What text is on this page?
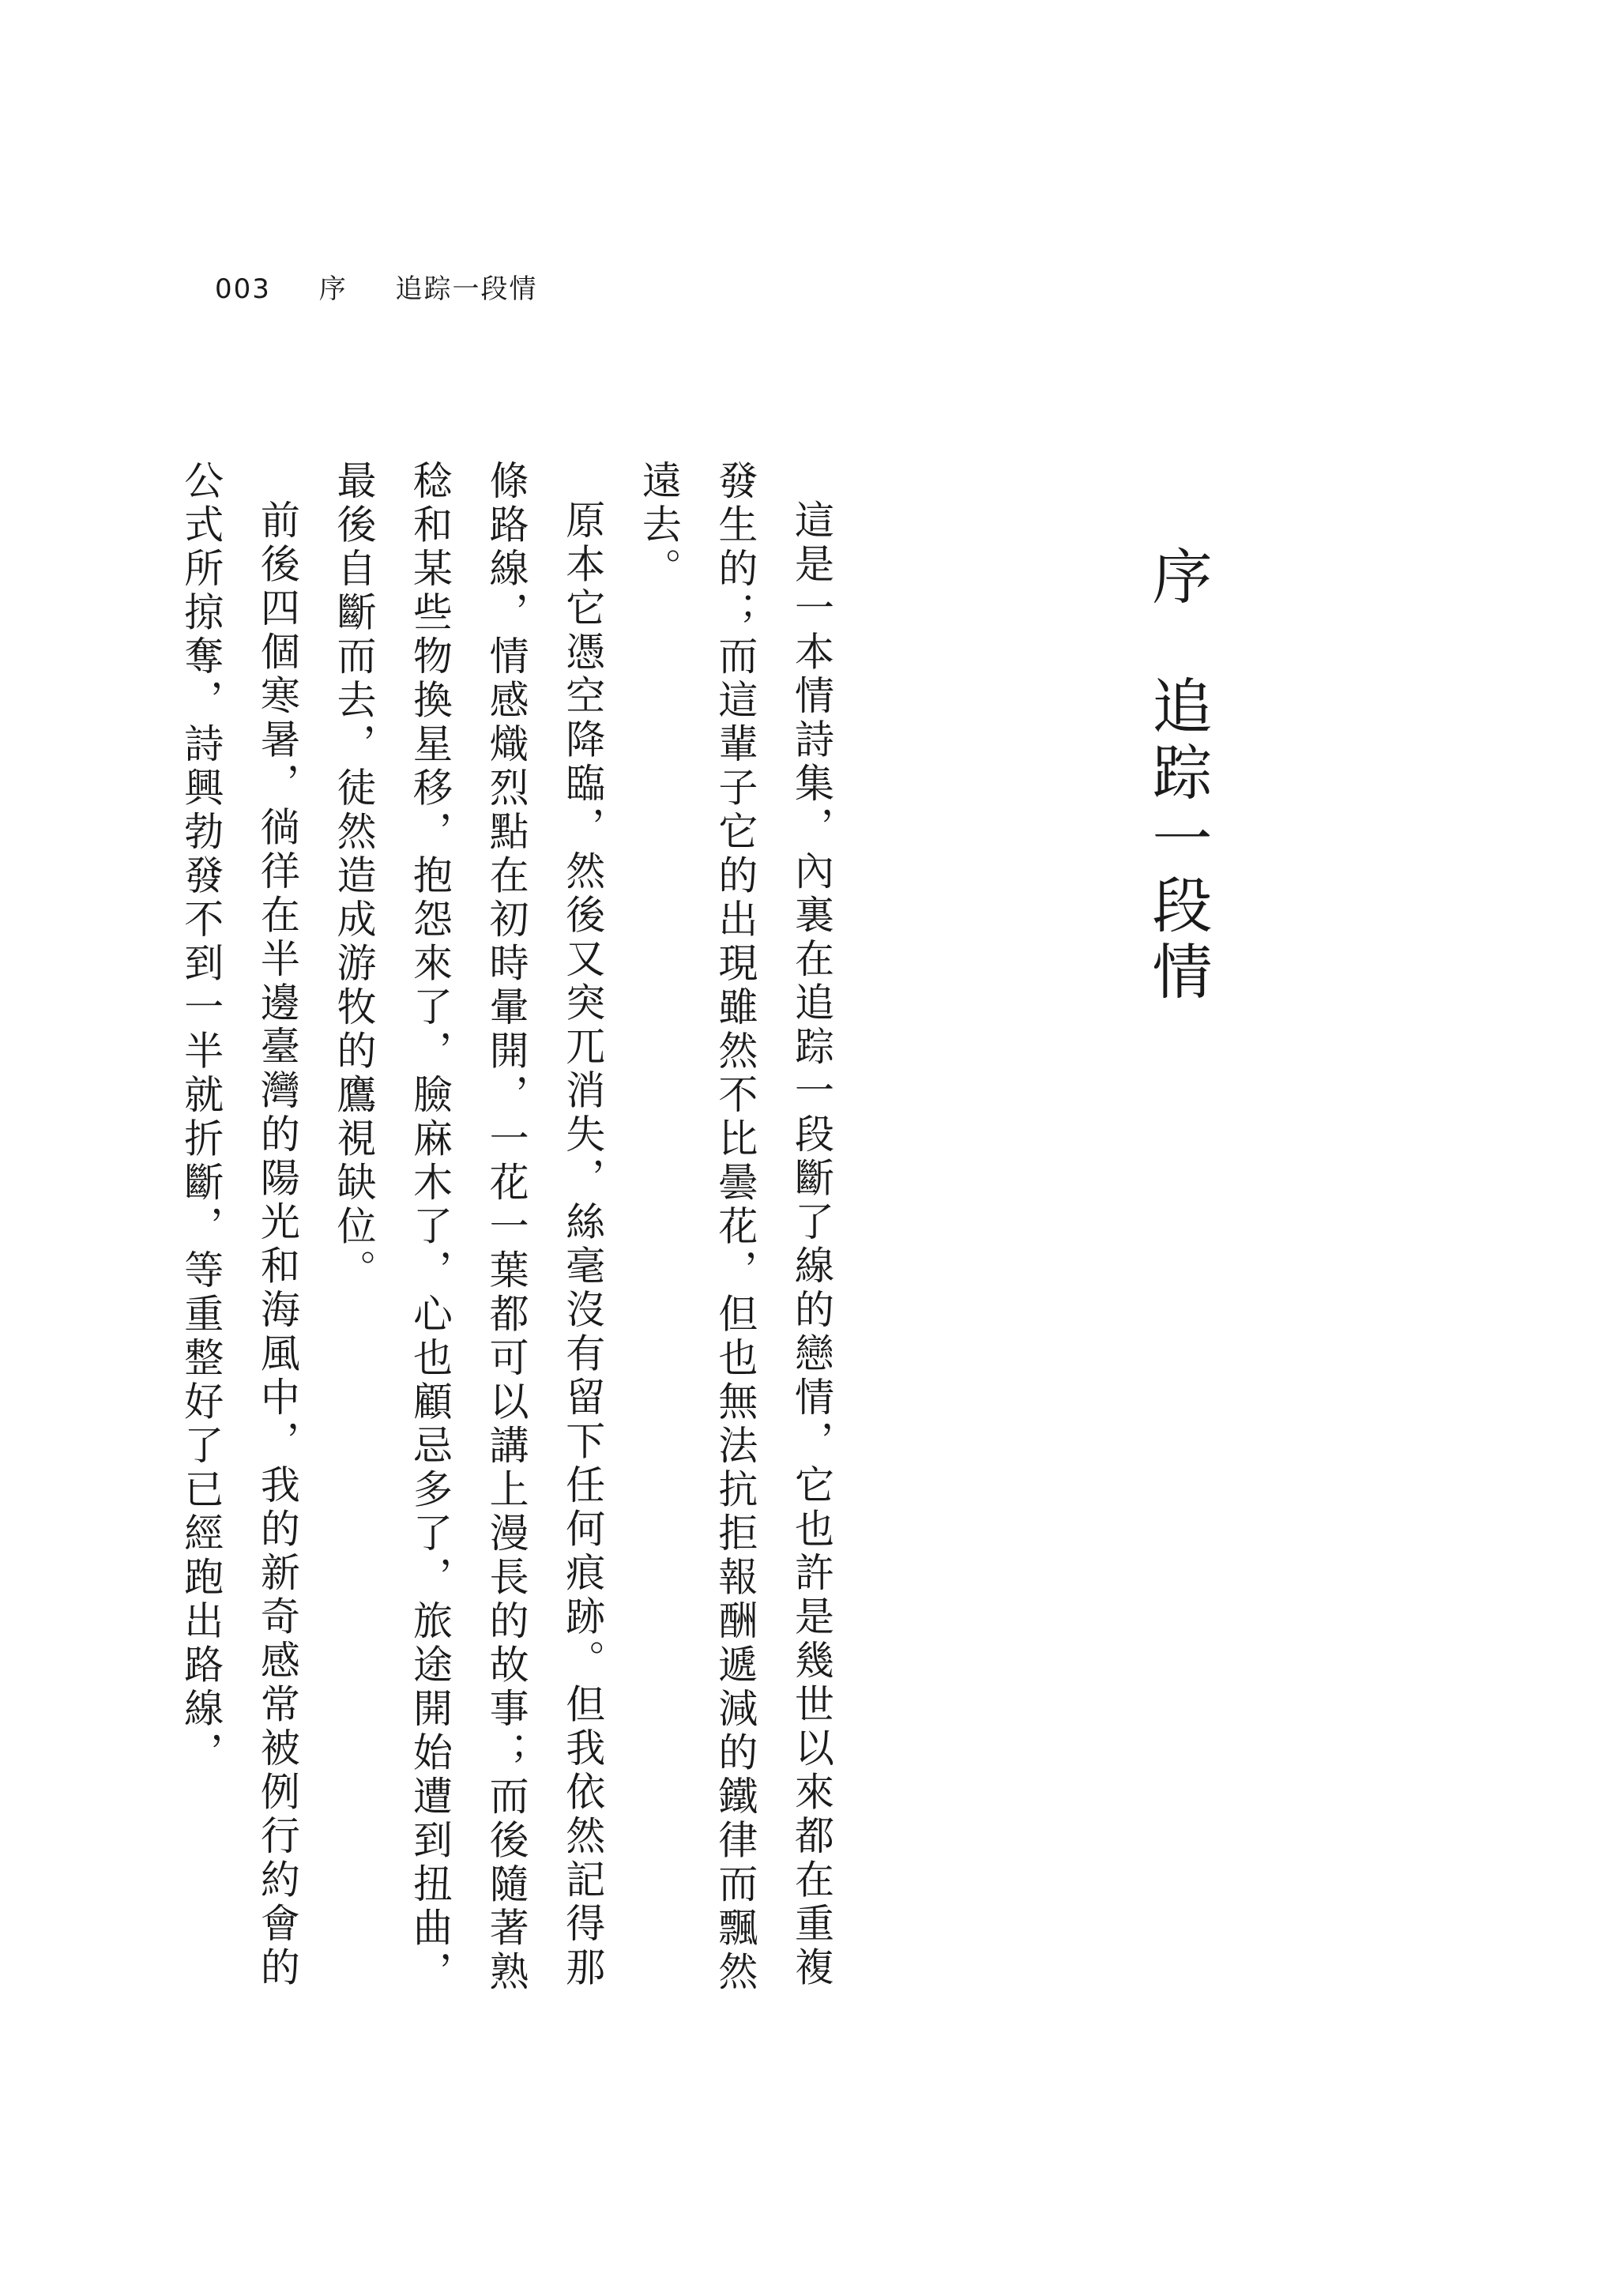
003 序 追踪一段情
序追踪一段情

這是一本情詩集，內裏在追踪一段斷了線的戀情，它也許是幾世以來都在重複發生的；而這輩子它的出現雖然不比曇花，但也無法抗拒報酬遞減的鐵律而飄然遠去。

原本它憑空降臨，然後又突兀消失，絲毫沒有留下任何痕跡。但我依然記得那條路線，情感熾烈點在初時暈開，一花一葉都可以講上漫長的故事；而後隨著熟稔和某些物換星移，抱怨來了，臉麻木了，心也顧忌多了，旅途開始遭到扭曲，最後自斷而去，徒然造成游牧的鷹視缺位。

前後四個寒暑，徜徉在半邊臺灣的陽光和海風中，我的新奇感常被例行約會的公式所掠奪，詩興勃發不到一半就折斷，等重整好了已經跑出路線，
